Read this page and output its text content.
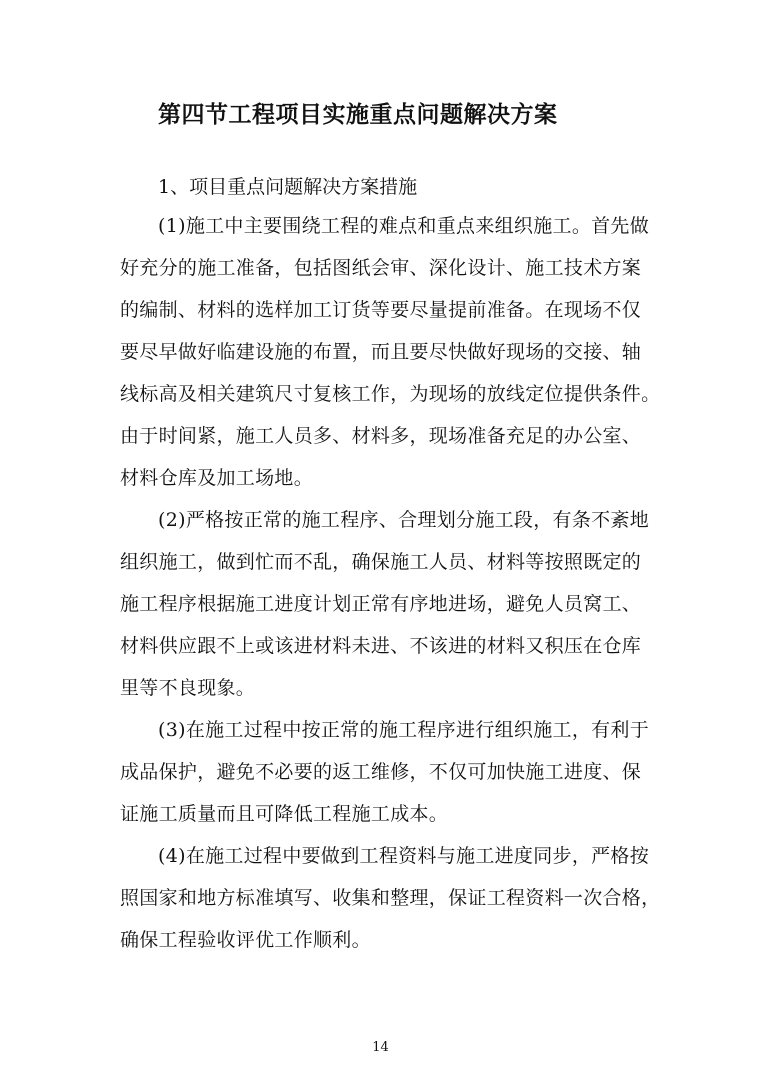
第四节工程项目实施重点问题解决方案
1、项目重点问题解决方案措施
(1)施工中主要围绕工程的难点和重点来组织施工。首先做
好充分的施工准备，包括图纸会审、深化设计、施工技术方案
的编制、材料的选样加工订货等要尽量提前准备。在现场不仅
要尽早做好临建设施的布置，而且要尽快做好现场的交接、轴
线标高及相关建筑尺寸复核工作，为现场的放线定位提供条件。
由于时间紧，施工人员多、材料多，现场准备充足的办公室、
材料仓库及加工场地。
(2)严格按正常的施工程序、合理划分施工段，有条不紊地
组织施工，做到忙而不乱，确保施工人员、材料等按照既定的
施工程序根据施工进度计划正常有序地进场，避免人员窝工、
材料供应跟不上或该进材料未进、不该进的材料又积压在仓库
里等不良现象。
(3)在施工过程中按正常的施工程序进行组织施工，有利于
成品保护，避免不必要的返工维修，不仅可加快施工进度、保
证施工质量而且可降低工程施工成本。
(4)在施工过程中要做到工程资料与施工进度同步，严格按
照国家和地方标准填写、收集和整理，保证工程资料一次合格，
确保工程验收评优工作顺利。
14
